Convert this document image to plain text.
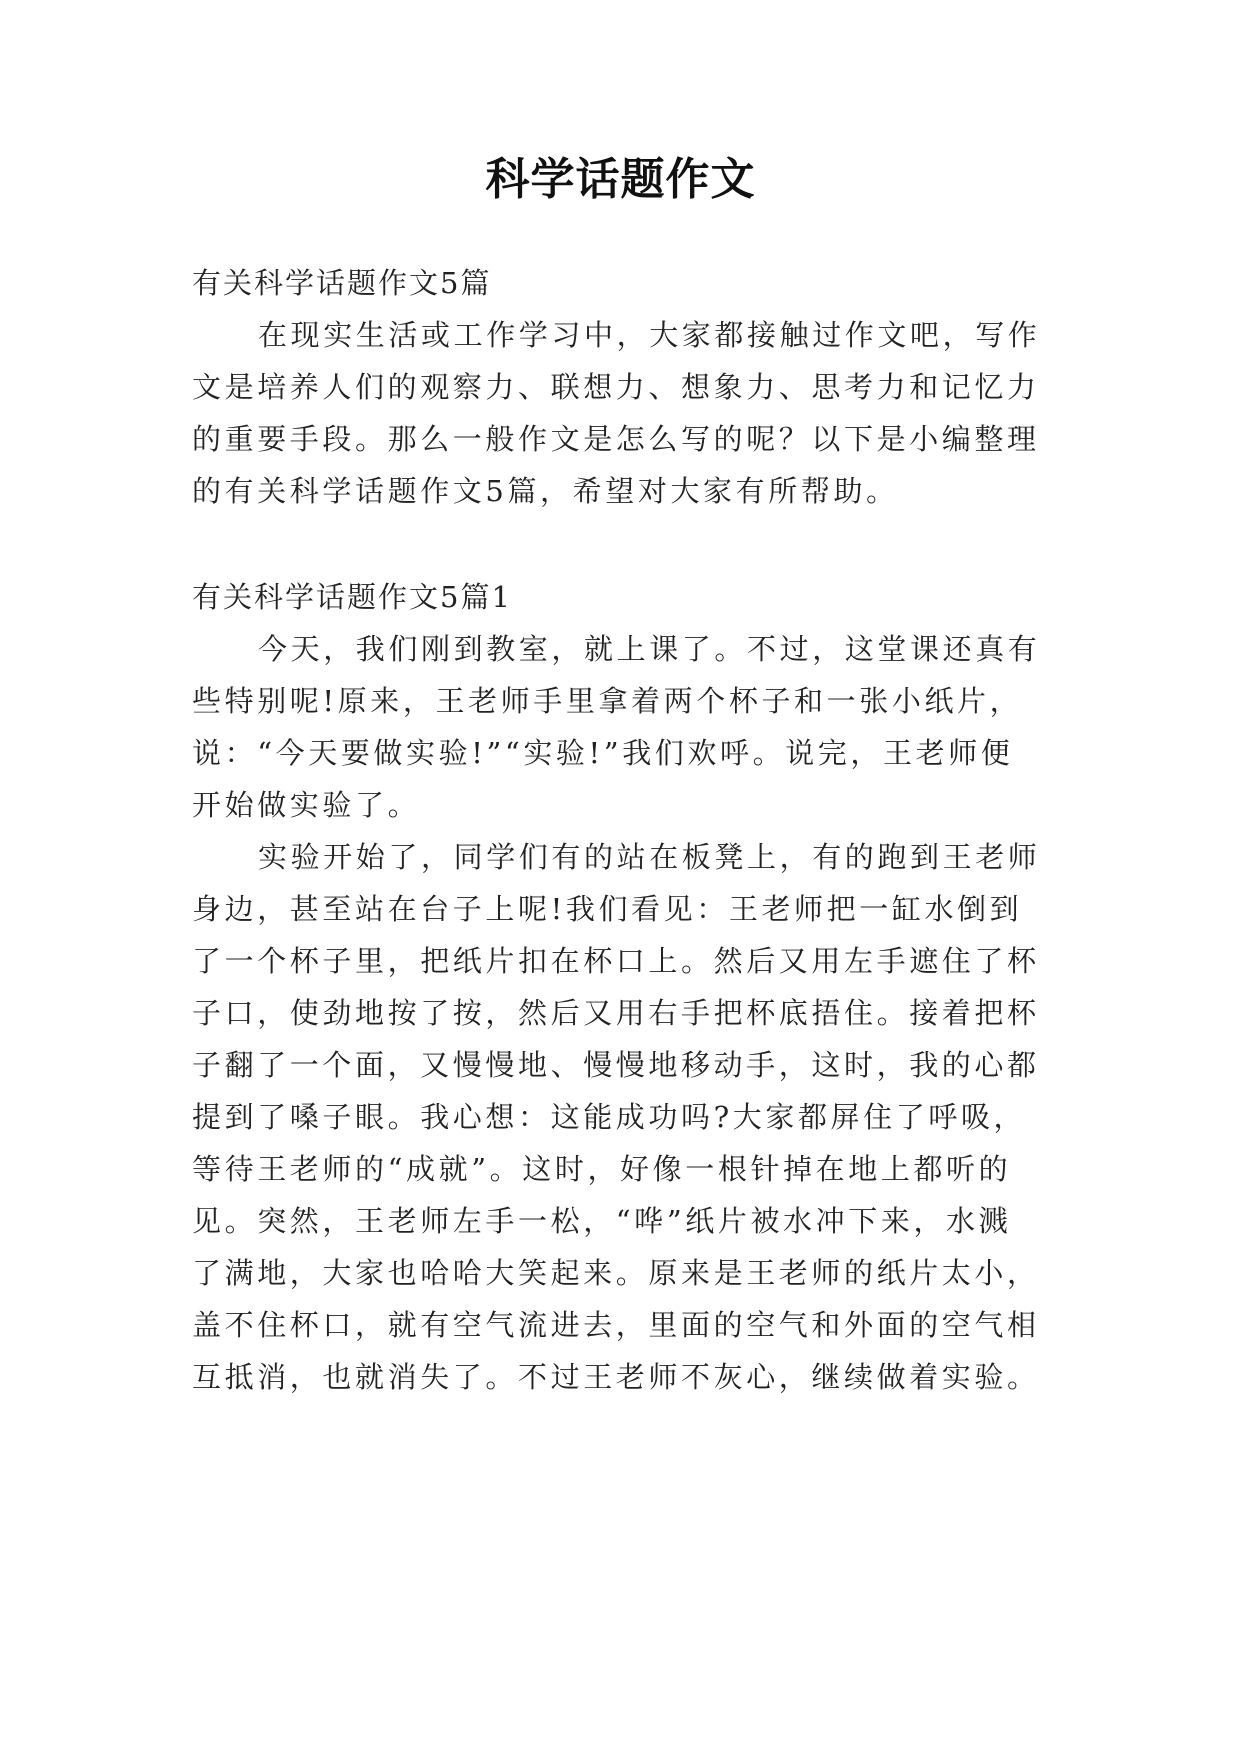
科学话题作文
有关科学话题作文5篇
在现实生活或工作学习中，大家都接触过作文吧，写作
文是培养人们的观察力、联想力、想象力、思考力和记忆力
的重要手段。那么一般作文是怎么写的呢？以下是小编整理
的有关科学话题作文5篇，希望对大家有所帮助。
有关科学话题作文5篇1
今天，我们刚到教室，就上课了。不过，这堂课还真有
些特别呢!原来，王老师手里拿着两个杯子和一张小纸片，
说：“今天要做实验!”“实验!”我们欢呼。说完，王老师便
开始做实验了。
实验开始了，同学们有的站在板凳上，有的跑到王老师
身边，甚至站在台子上呢!我们看见：王老师把一缸水倒到
了一个杯子里，把纸片扣在杯口上。然后又用左手遮住了杯
子口，使劲地按了按，然后又用右手把杯底捂住。接着把杯
子翻了一个面，又慢慢地、慢慢地移动手，这时，我的心都
提到了嗓子眼。我心想：这能成功吗?大家都屏住了呼吸，
等待王老师的“成就”。这时，好像一根针掉在地上都听的
见。突然，王老师左手一松，“哗”纸片被水冲下来，水溅
了满地，大家也哈哈大笑起来。原来是王老师的纸片太小，
盖不住杯口，就有空气流进去，里面的空气和外面的空气相
互抵消，也就消失了。不过王老师不灰心，继续做着实验。
